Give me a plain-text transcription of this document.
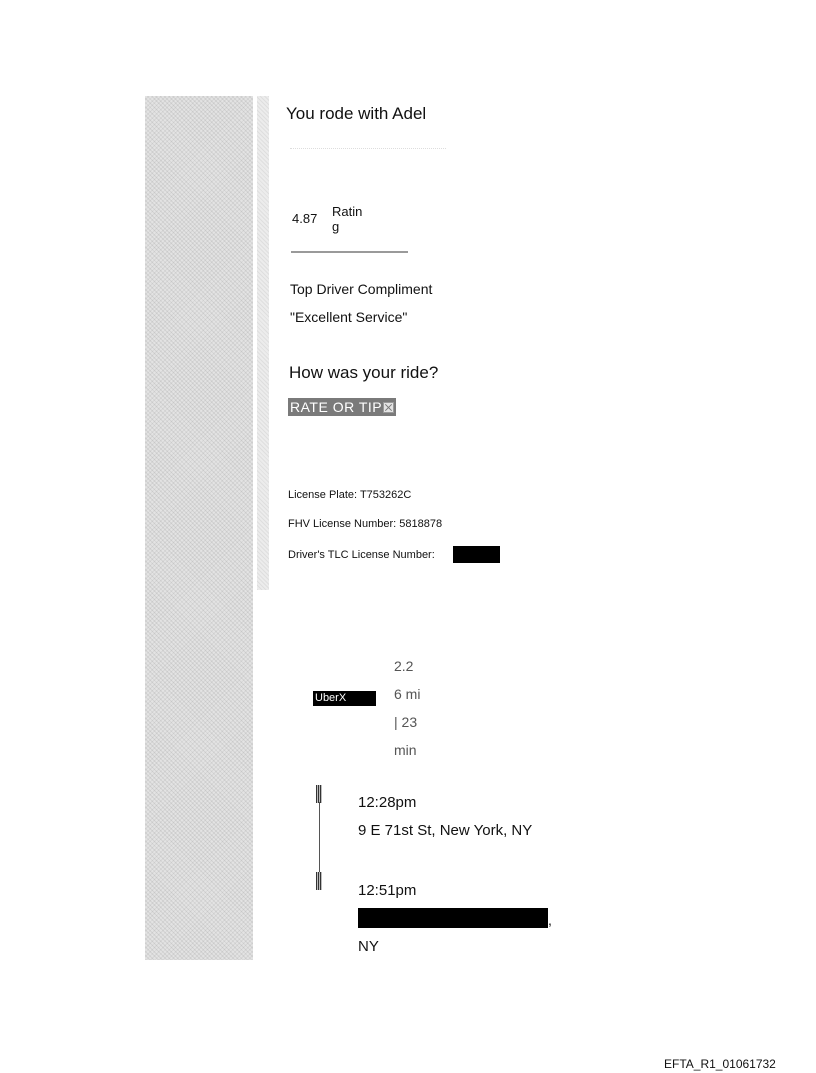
You rode with Adel
4.87 Rating
Top Driver Compliment
"Excellent Service"
How was your ride?
RATE OR TIP
License Plate: T753262C
FHV License Number: 5818878
Driver's TLC License Number:
UberX
2.2
6 mi
| 23
min
12:28pm
9 E 71st St, New York, NY
12:51pm
,
NY
EFTA_R1_01061732
